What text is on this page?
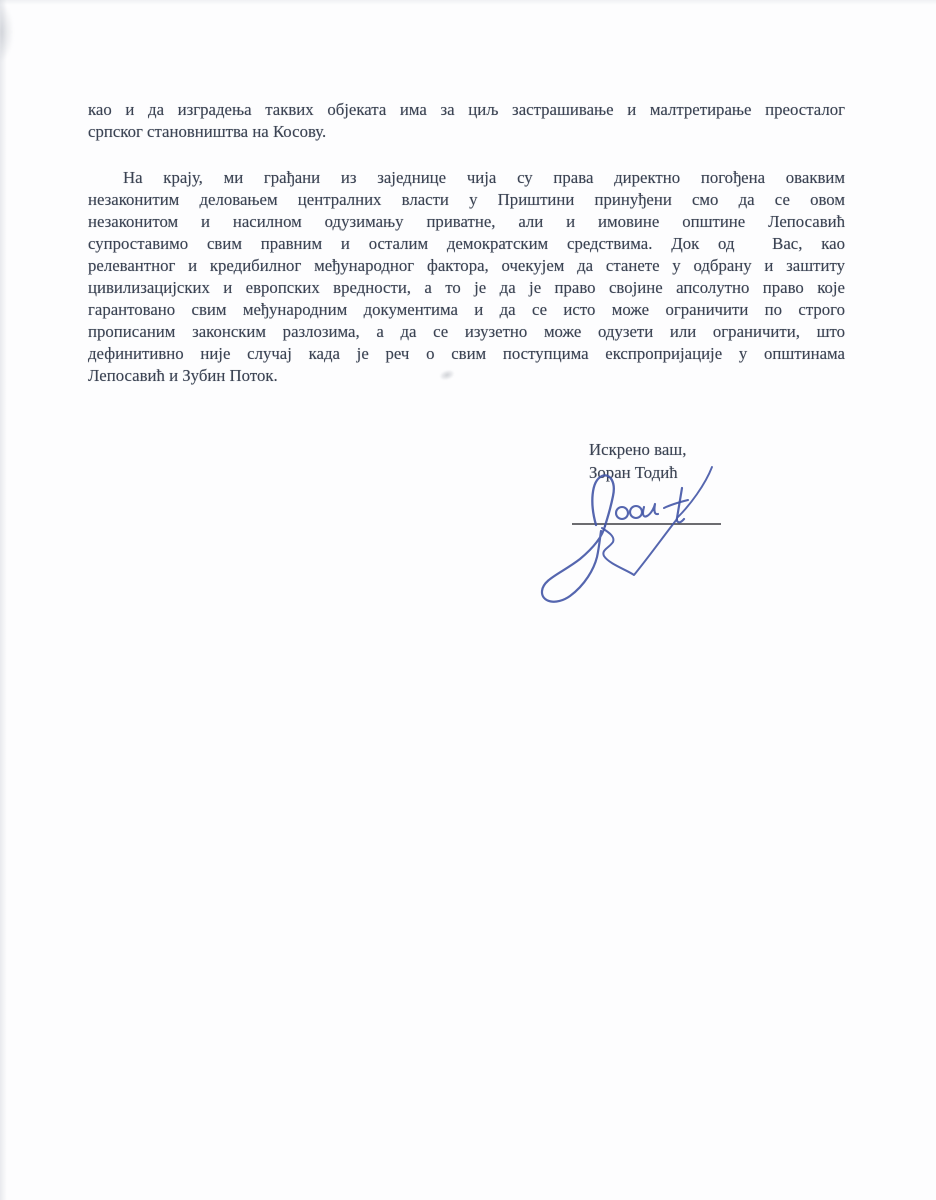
као и да изградења таквих објеката има за циљ застрашивање и малтретирање преосталог
српског становништва на Косову.
На крају, ми грађани из заједнице чија су права директно погођена оваквим
незаконитим деловањем централних власти у Приштини принуђени смо да се овом
незаконитом и насилном одузимању приватне, али и имовине општине Лепосавић
супроставимо свим правним и осталим демократским средствима. Док од  Вас, као
релевантног и кредибилног међународног фактора, очекујем да станете у одбрану и заштиту
цивилизацијских и европских вредности, а то је да је право својине апсолутно право које
гарантовано свим међународним документима и да се исто може ограничити по строго
прописаним законским разлозима, а да се изузетно може одузети или ограничити, што
дефинитивно није случај када је реч о свим поступцима експропријације у општинама
Лепосавић и Зубин Поток.
Искрено ваш,
Зоран Тодић
